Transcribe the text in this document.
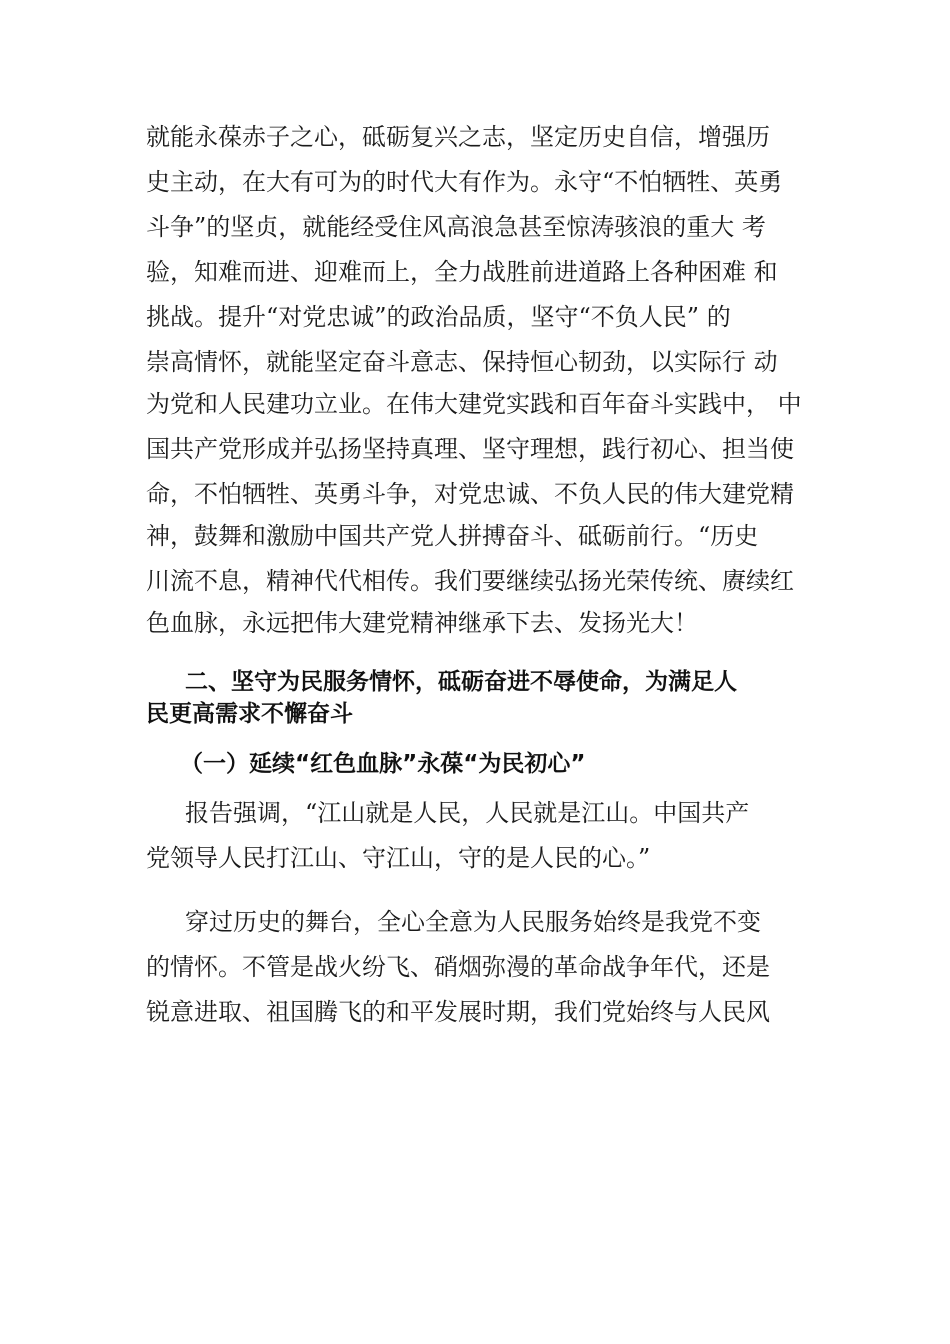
就能永葆赤子之心，砥砺复兴之志，坚定历史自信，增强历
史主动，在大有可为的时代大有作为。永守“不怕牺牲、英勇
斗争”的坚贞，就能经受住风高浪急甚至惊涛骇浪的重大 考
验，知难而进、迎难而上，全力战胜前进道路上各种困难 和
挑战。提升“对党忠诚”的政治品质，坚守“不负人民” 的
崇高情怀，就能坚定奋斗意志、保持恒心韧劲，以实际行 动
为党和人民建功立业。在伟大建党实践和百年奋斗实践中， 中
国共产党形成并弘扬坚持真理、坚守理想，践行初心、担当使
命，不怕牺牲、英勇斗争，对党忠诚、不负人民的伟大建党精
神，鼓舞和激励中国共产党人拼搏奋斗、砥砺前行。“历史
川流不息，精神代代相传。我们要继续弘扬光荣传统、赓续红
色血脉，永远把伟大建党精神继承下去、发扬光大！
二、坚守为民服务情怀，砥砺奋进不辱使命，为满足人
民更高需求不懈奋斗
（一）延续“红色血脉”永葆“为民初心”
报告强调，“江山就是人民，人民就是江山。中国共产
党领导人民打江山、守江山，守的是人民的心。”
穿过历史的舞台，全心全意为人民服务始终是我党不变
的情怀。不管是战火纷飞、硝烟弥漫的革命战争年代，还是
锐意进取、祖国腾飞的和平发展时期，我们党始终与人民风
